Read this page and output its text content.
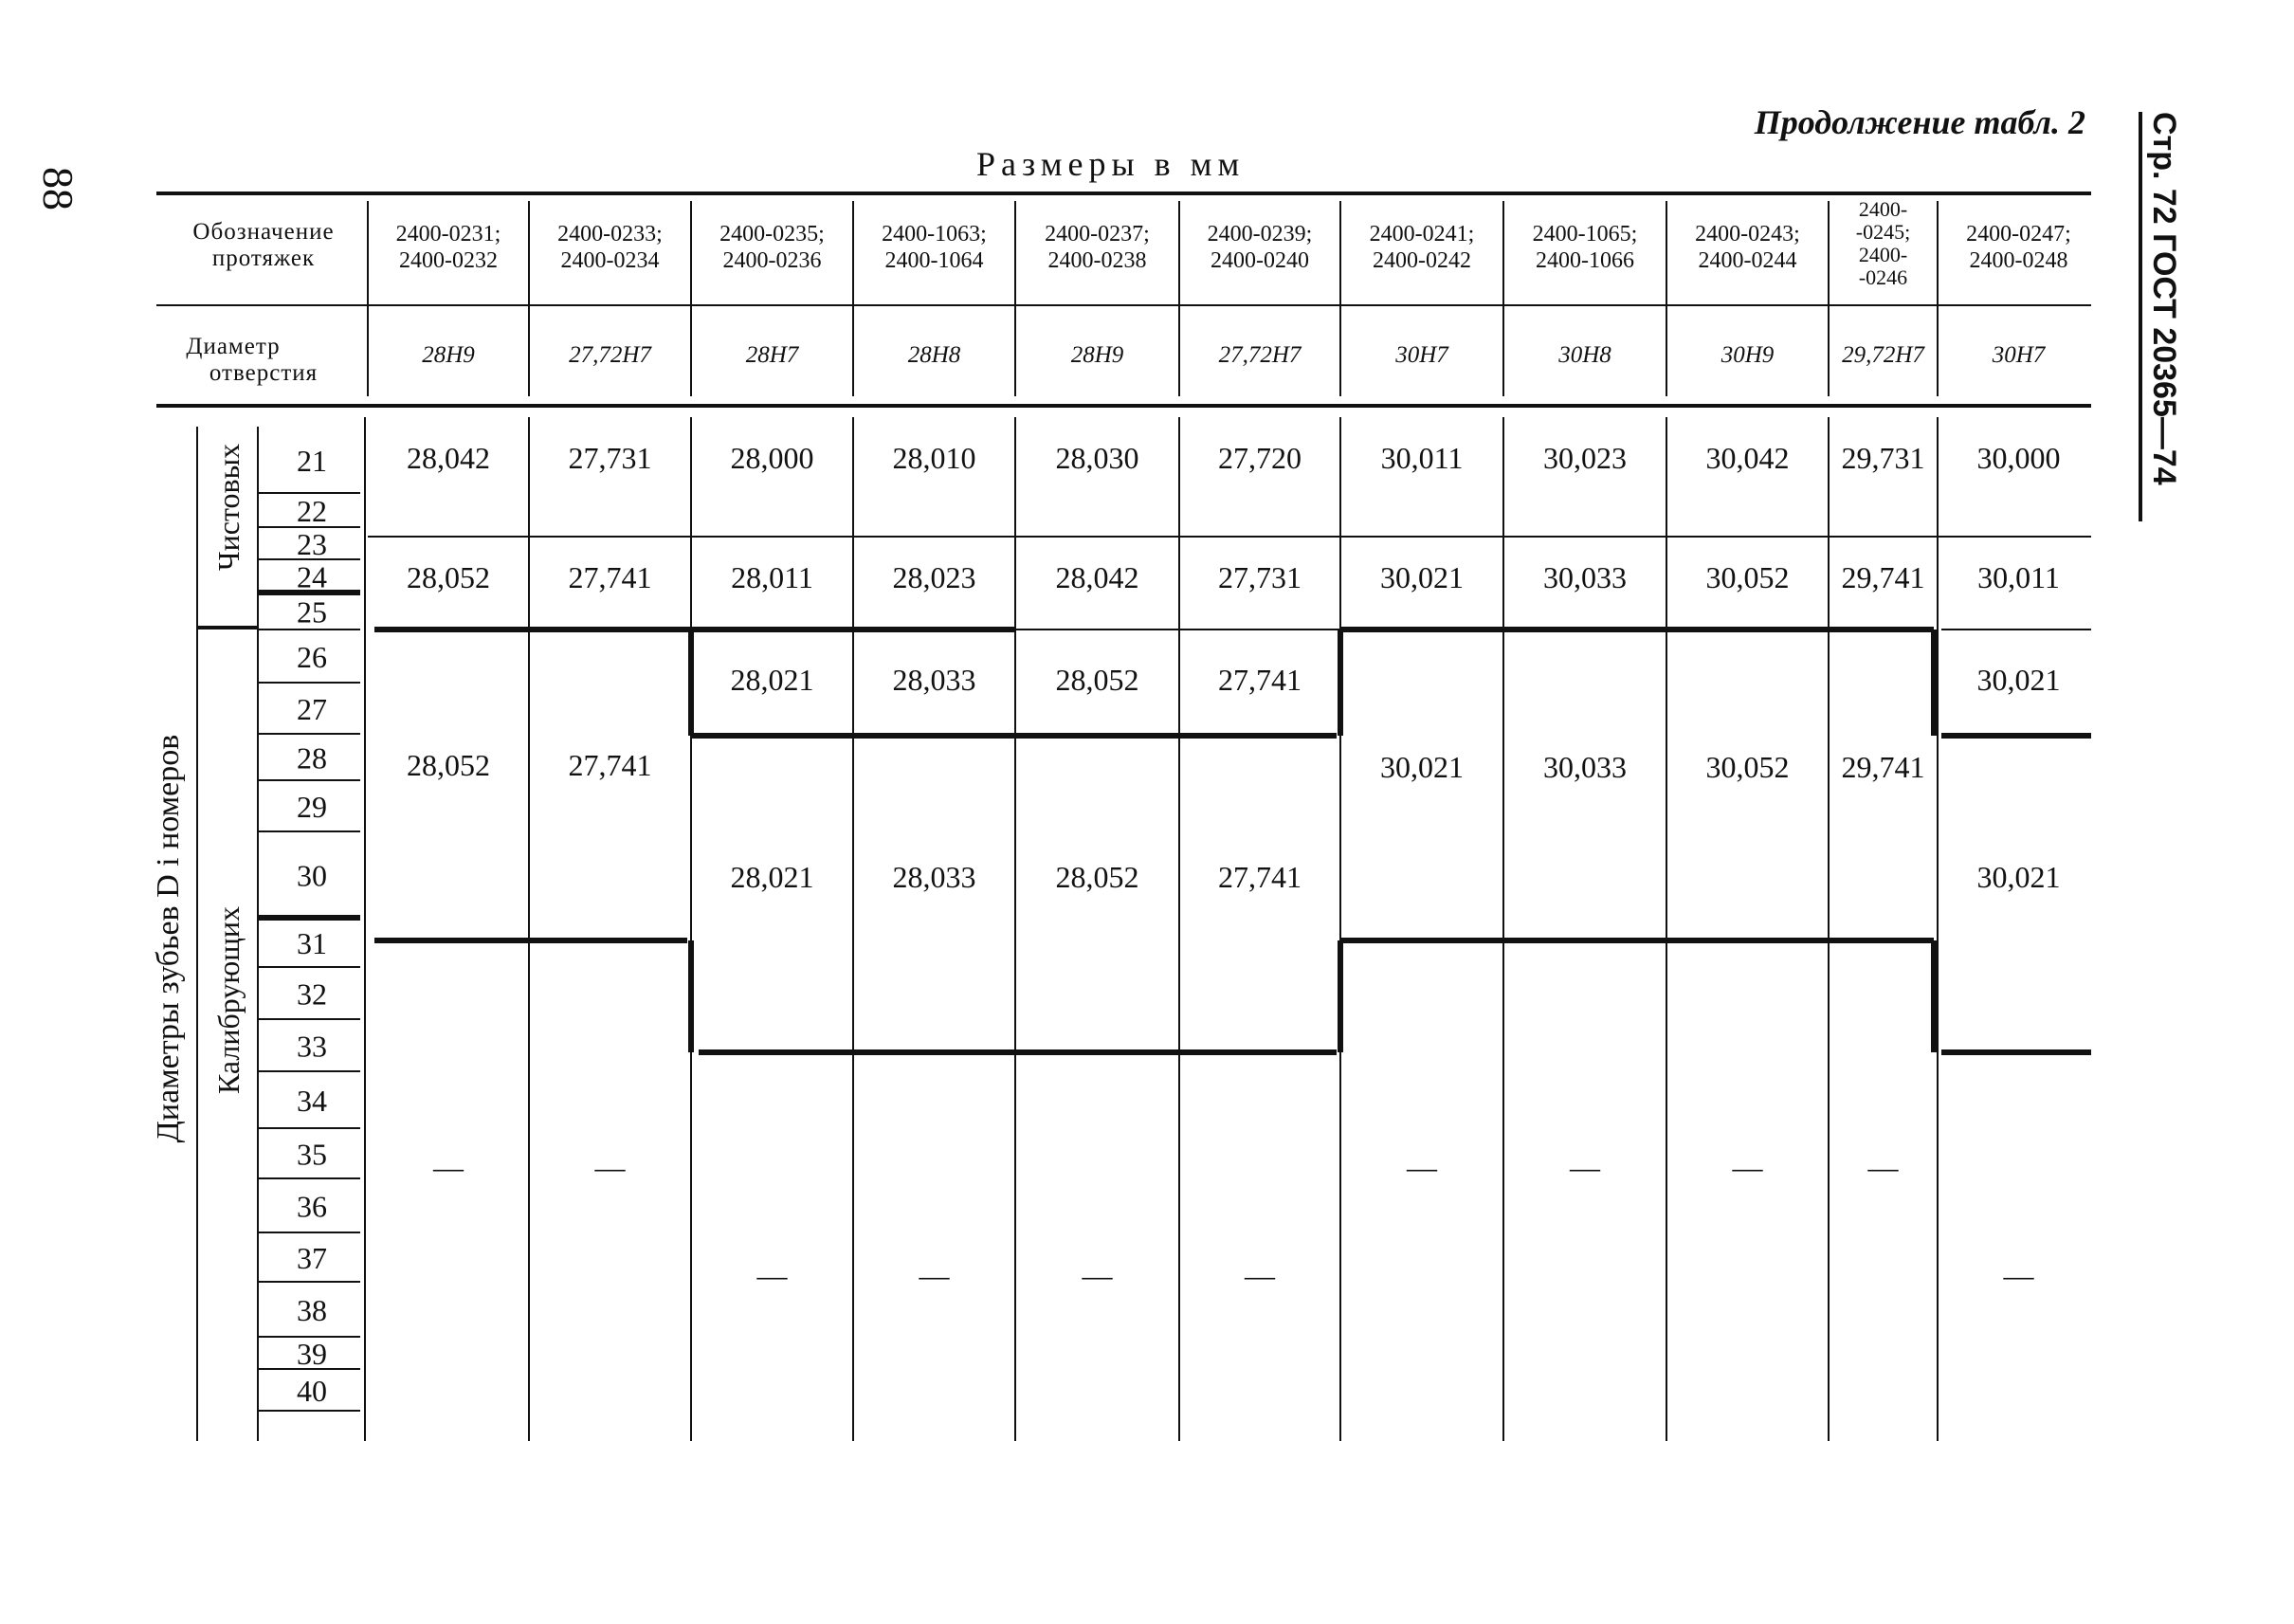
88
Продолжение табл. 2
Размеры в мм	Стр. 72 ГОСТ 20365—74
Обозначение
протяжек
Диаметр
отверстия
2400-0231;
2400-0232
28H9
2400-0233;
2400-0234
27,72H7
2400-0235;
2400-0236
28H7
2400-1063;
2400-1064
28H8
2400-0237;
2400-0238
28H9
2400-0239;
2400-0240
27,72H7
2400-0241;
2400-0242
30H7
2400-1065;
2400-1066
30H8
2400-0243;
2400-0244
30H9
2400-
-0245;
2400-
-0246
29,72H7
2400-0247;
2400-0248
30H7
21
22
23
24
25
26
27
28
29
30
31
32
33
34
35
36
37
38
39
40
Диаметры зубьев D i номеров
Чистовых
Калибрующих
28,042
28,052
28,052
—
27,731
27,741
27,741
—
28,000
28,011
28,021
28,021
—
28,010
28,023
28,033
28,033
—
28,030
28,042
28,052
28,052
—
27,720
27,731
27,741
27,741
—
30,011
30,021
30,021
—
30,023
30,033
30,033
—
30,042
30,052
30,052
—
29,731
29,741
29,741
—
30,000
30,011
30,021
30,021
—
